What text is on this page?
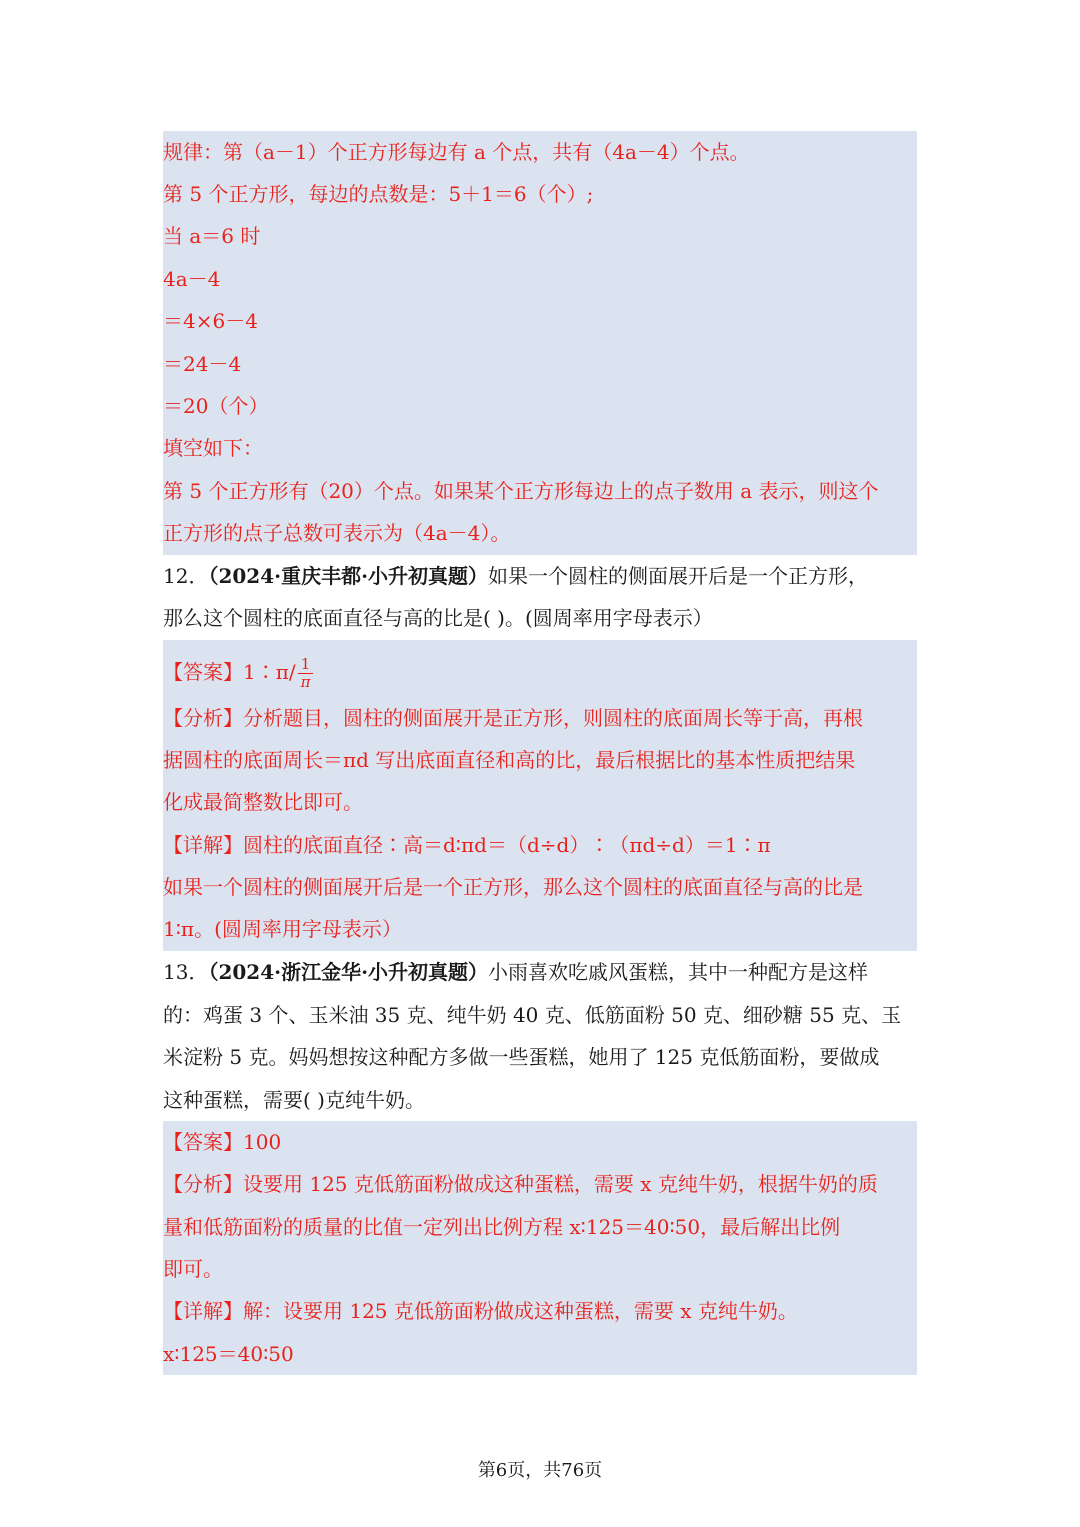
规律：第（a－1）个正方形每边有 a 个点，共有（4a－4）个点。
第 5 个正方形，每边的点数是：5＋1＝6（个）;
当 a＝6 时
4a－4
＝4×6－4
＝24－4
＝20（个）
填空如下：
第 5 个正方形有（20）个点。如果某个正方形每边上的点子数用 a 表示，则这个
正方形的点子总数可表示为（4a－4）。
12．（2024·重庆丰都·小升初真题）如果一个圆柱的侧面展开后是一个正方形，
那么这个圆柱的底面直径与高的比是( )。(圆周率用字母表示）
【答案】1∶π/ $\frac{1}{\pi}$
【分析】分析题目，圆柱的侧面展开是正方形，则圆柱的底面周长等于高，再根
据圆柱的底面周长＝πd 写出底面直径和高的比，最后根据比的基本性质把结果
化成最简整数比即可。
【详解】圆柱的底面直径∶高＝d∶πd＝（d÷d）∶（πd÷d）＝1∶π
如果一个圆柱的侧面展开后是一个正方形，那么这个圆柱的底面直径与高的比是
1∶π。(圆周率用字母表示）
13．（2024·浙江金华·小升初真题）小雨喜欢吃戚风蛋糕，其中一种配方是这样
的：鸡蛋 3 个、玉米油 35 克、纯牛奶 40 克、低筋面粉 50 克、细砂糖 55 克、玉
米淀粉 5 克。妈妈想按这种配方多做一些蛋糕，她用了 125 克低筋面粉，要做成
这种蛋糕，需要( )克纯牛奶。
【答案】100
【分析】设要用 125 克低筋面粉做成这种蛋糕，需要 x 克纯牛奶，根据牛奶的质
量和低筋面粉的质量的比值一定列出比例方程 x∶125＝40∶50，最后解出比例
即可。
【详解】解：设要用 125 克低筋面粉做成这种蛋糕，需要 x 克纯牛奶。
x∶125＝40∶50
第6页，共76页
